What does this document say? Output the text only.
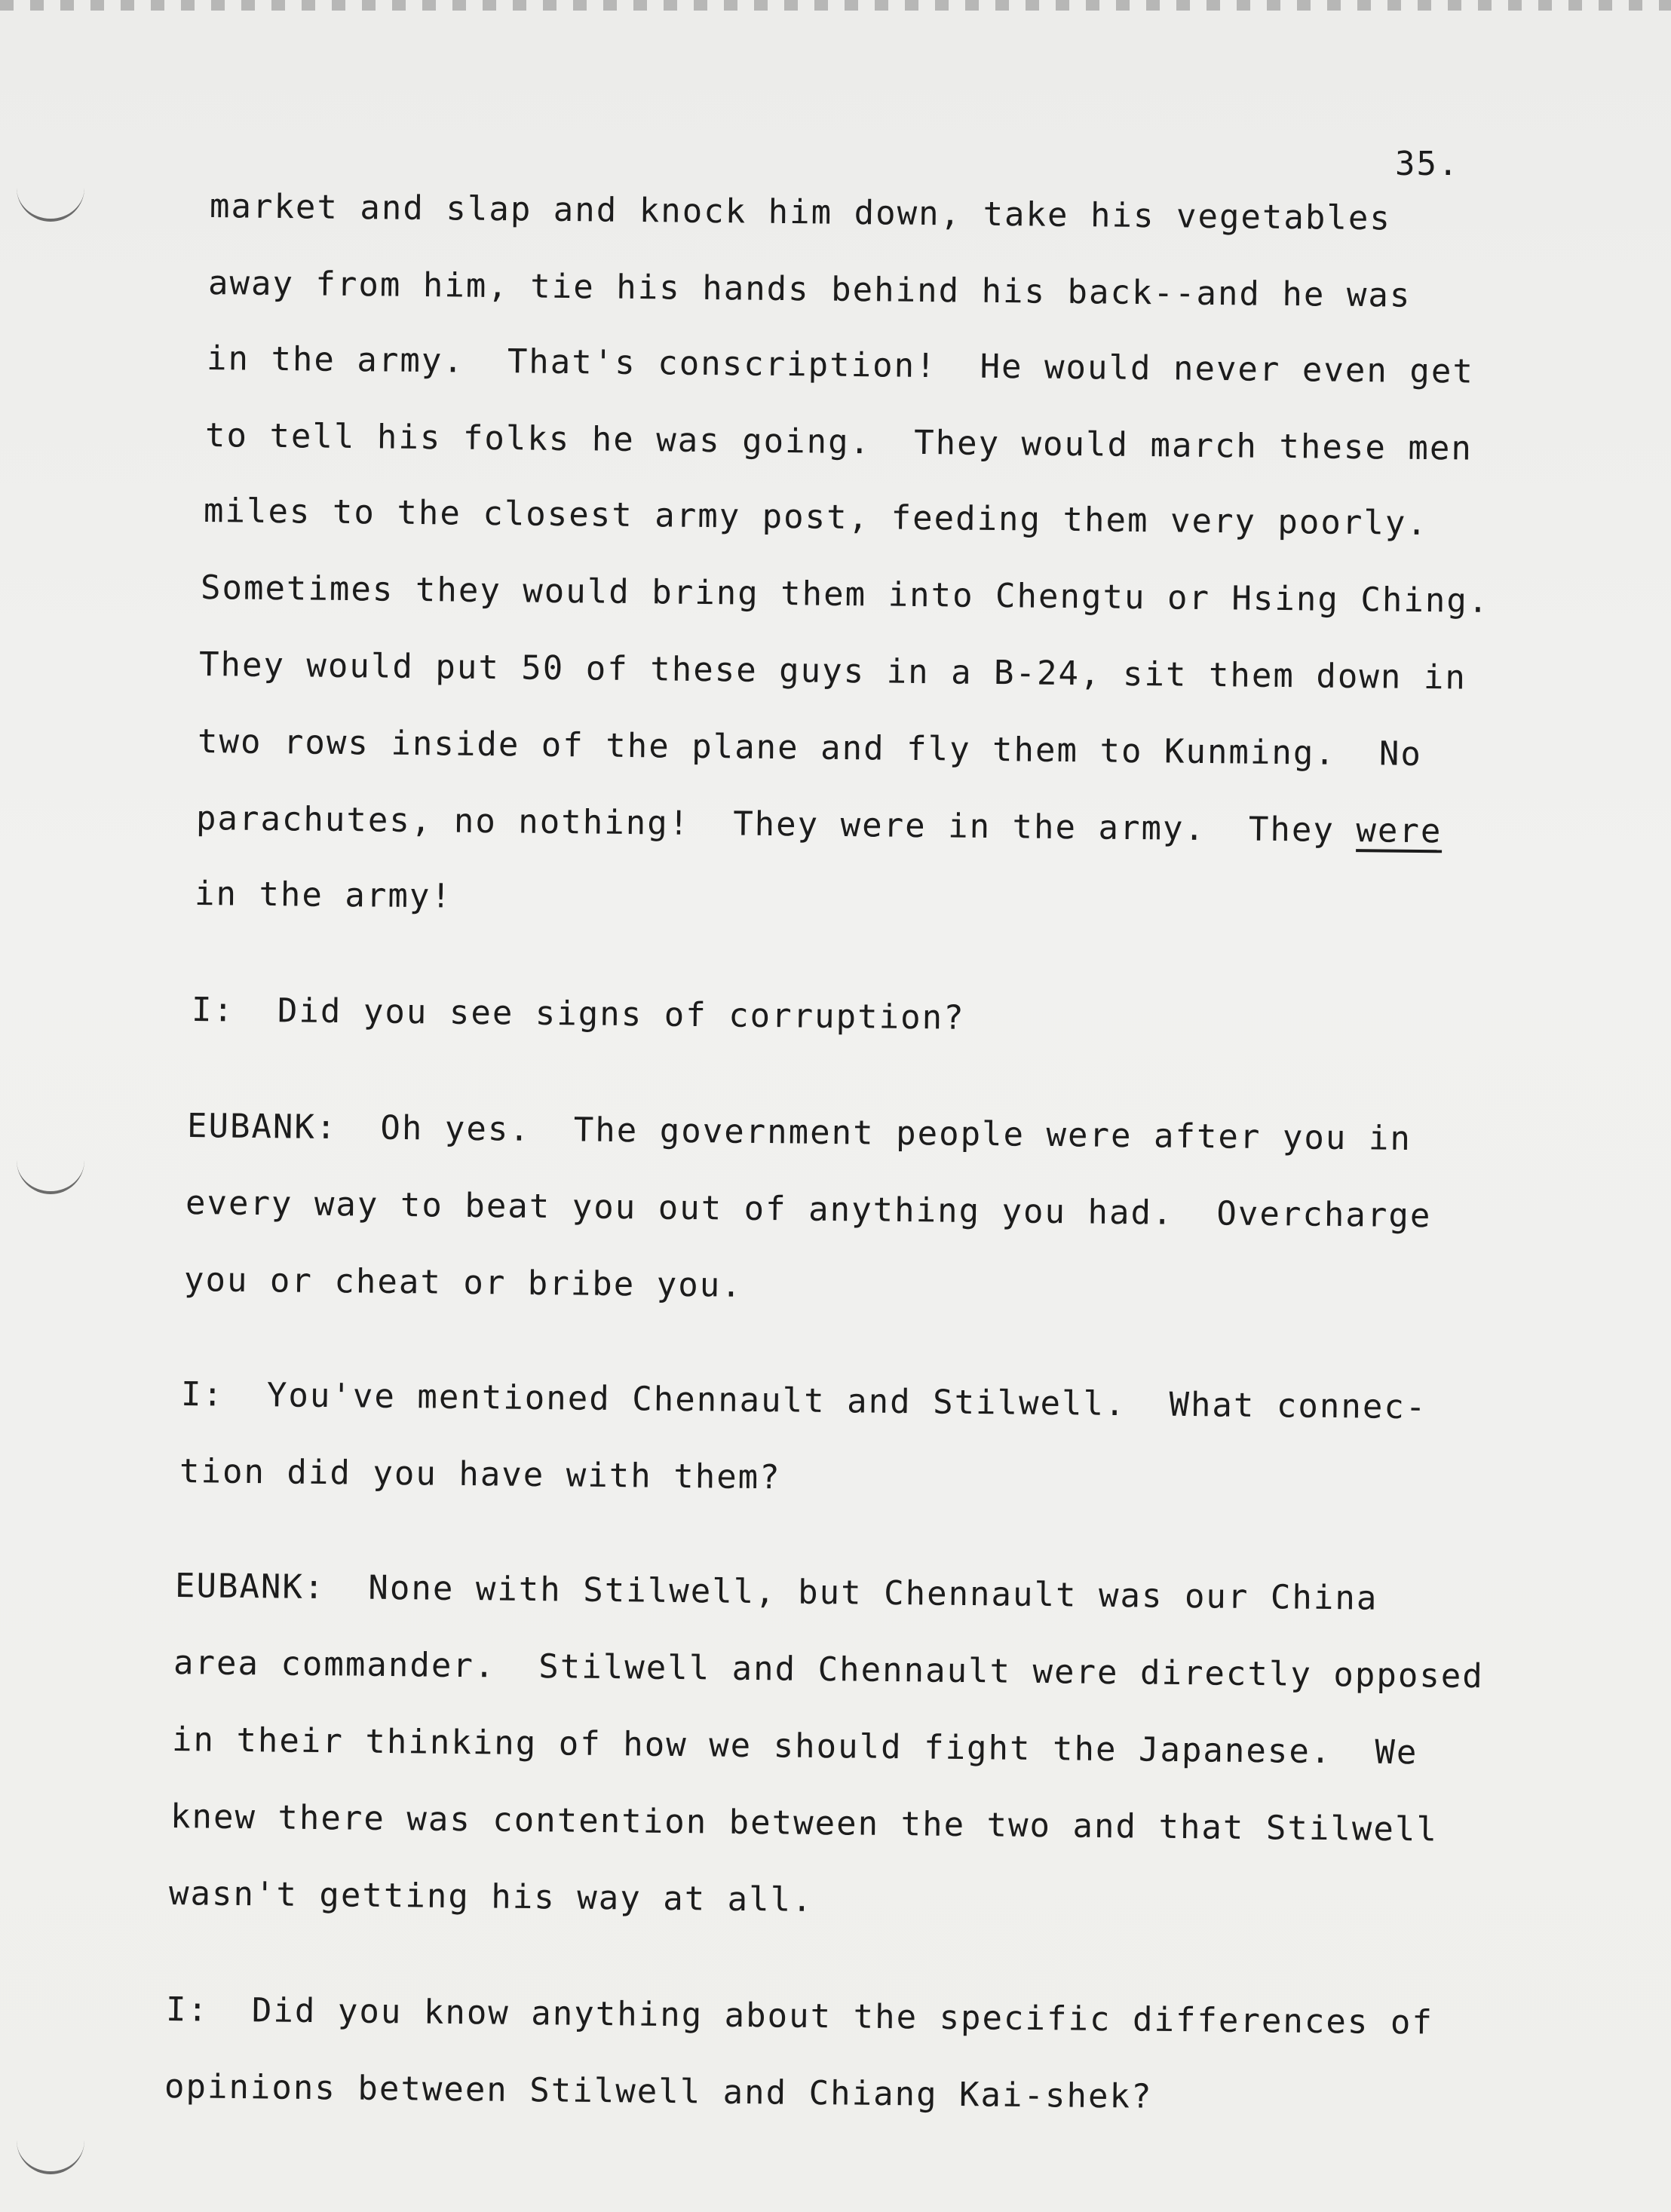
35.
market and slap and knock him down, take his vegetables
away from him, tie his hands behind his back--and he was
in the army.  That's conscription!  He would never even get
to tell his folks he was going.  They would march these men
miles to the closest army post, feeding them very poorly.
Sometimes they would bring them into Chengtu or Hsing Ching.
They would put 50 of these guys in a B-24, sit them down in
two rows inside of the plane and fly them to Kunming.  No
parachutes, no nothing!  They were in the army.  They were
in the army!
I:  Did you see signs of corruption?
EUBANK:  Oh yes.  The government people were after you in
every way to beat you out of anything you had.  Overcharge
you or cheat or bribe you.
I:  You've mentioned Chennault and Stilwell.  What connec-
tion did you have with them?
EUBANK:  None with Stilwell, but Chennault was our China
area commander.  Stilwell and Chennault were directly opposed
in their thinking of how we should fight the Japanese.  We
knew there was contention between the two and that Stilwell
wasn't getting his way at all.
I:  Did you know anything about the specific differences of
opinions between Stilwell and Chiang Kai-shek?
